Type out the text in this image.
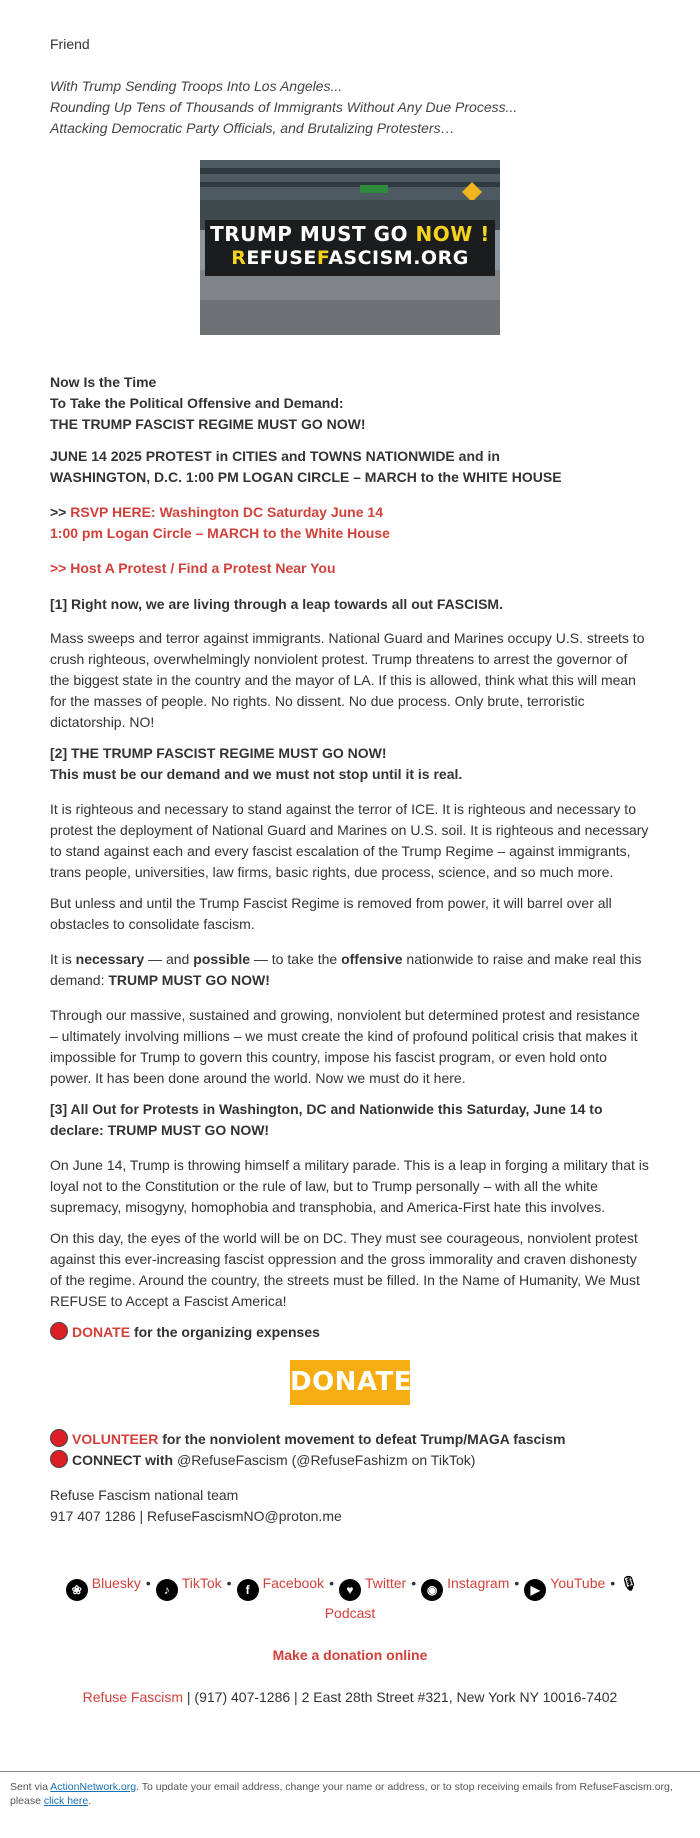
Friend
With Trump Sending Troops Into Los Angeles...
Rounding Up Tens of Thousands of Immigrants Without Any Due Process...
Attacking Democratic Party Officials, and Brutalizing Protesters…
TRUMP MUST GO NOW !
REFUSEFASCISM.ORG
Now Is the Time
To Take the Political Offensive and Demand:
THE TRUMP FASCIST REGIME MUST GO NOW!
JUNE 14 2025 PROTEST in CITIES and TOWNS NATIONWIDE and in
WASHINGTON, D.C. 1:00 PM LOGAN CIRCLE – MARCH to the WHITE HOUSE
>> RSVP HERE: Washington DC Saturday June 14
1:00 pm Logan Circle – MARCH to the White House
>> Host A Protest / Find a Protest Near You
[1] Right now, we are living through a leap towards all out FASCISM.
Mass sweeps and terror against immigrants. National Guard and Marines occupy U.S. streets to crush righteous, overwhelmingly nonviolent protest. Trump threatens to arrest the governor of the biggest state in the country and the mayor of LA. If this is allowed, think what this will mean for the masses of people. No rights. No dissent. No due process. Only brute, terroristic dictatorship. NO!
[2] THE TRUMP FASCIST REGIME MUST GO NOW!
This must be our demand and we must not stop until it is real.
It is righteous and necessary to stand against the terror of ICE. It is righteous and necessary to protest the deployment of National Guard and Marines on U.S. soil. It is righteous and necessary to stand against each and every fascist escalation of the Trump Regime – against immigrants, trans people, universities, law firms, basic rights, due process, science, and so much more.
But unless and until the Trump Fascist Regime is removed from power, it will barrel over all obstacles to consolidate fascism.
It is necessary — and possible — to take the offensive nationwide to raise and make real this demand: TRUMP MUST GO NOW!
Through our massive, sustained and growing, nonviolent but determined protest and resistance – ultimately involving millions – we must create the kind of profound political crisis that makes it impossible for Trump to govern this country, impose his fascist program, or even hold onto power. It has been done around the world. Now we must do it here.
[3] All Out for Protests in Washington, DC and Nationwide this Saturday, June 14 to declare: TRUMP MUST GO NOW!
On June 14, Trump is throwing himself a military parade. This is a leap in forging a military that is loyal not to the Constitution or the rule of law, but to Trump personally – with all the white supremacy, misogyny, homophobia and transphobia, and America-First hate this involves.
On this day, the eyes of the world will be on DC. They must see courageous, nonviolent protest against this ever-increasing fascist oppression and the gross immorality and craven dishonesty of the regime. Around the country, the streets must be filled. In the Name of Humanity, We Must REFUSE to Accept a Fascist America!
DONATE for the organizing expenses
DONATE
VOLUNTEER for the nonviolent movement to defeat Trump/MAGA fascism
CONNECT with @RefuseFascism (@RefuseFashizm on TikTok)
Refuse Fascism national team
917 407 1286 | RefuseFascismNO@proton.me
❀ Bluesky • ♪ TikTok • f Facebook • ♥ Twitter • ◉ Instagram • ▶ YouTube • 🎙
Podcast
Make a donation online
Refuse Fascism | (917) 407-1286 | 2 East 28th Street #321, New York NY 10016-7402
Sent via ActionNetwork.org. To update your email address, change your name or address, or to stop receiving emails from RefuseFascism.org, please click here.
